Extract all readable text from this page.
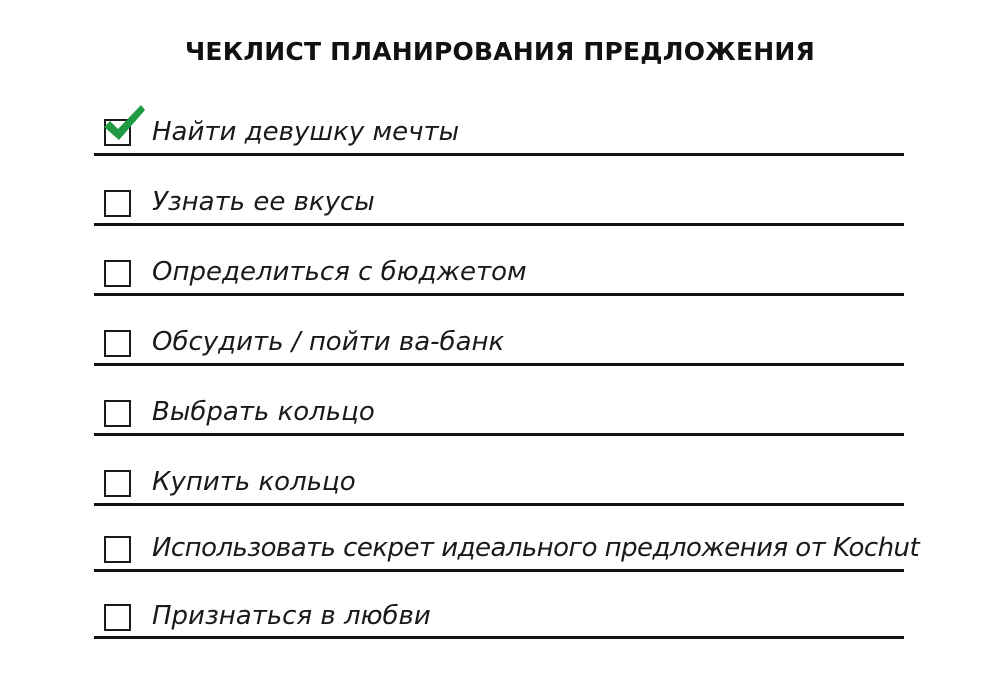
ЧЕКЛИСТ ПЛАНИРОВАНИЯ ПРЕДЛОЖЕНИЯ
Найти девушку мечты
Узнать ее вкусы
Определиться с бюджетом
Обсудить / пойти ва-банк
Выбрать кольцо
Купить кольцо
Использовать секрет идеального предложения от Kochut
Признаться в любви
